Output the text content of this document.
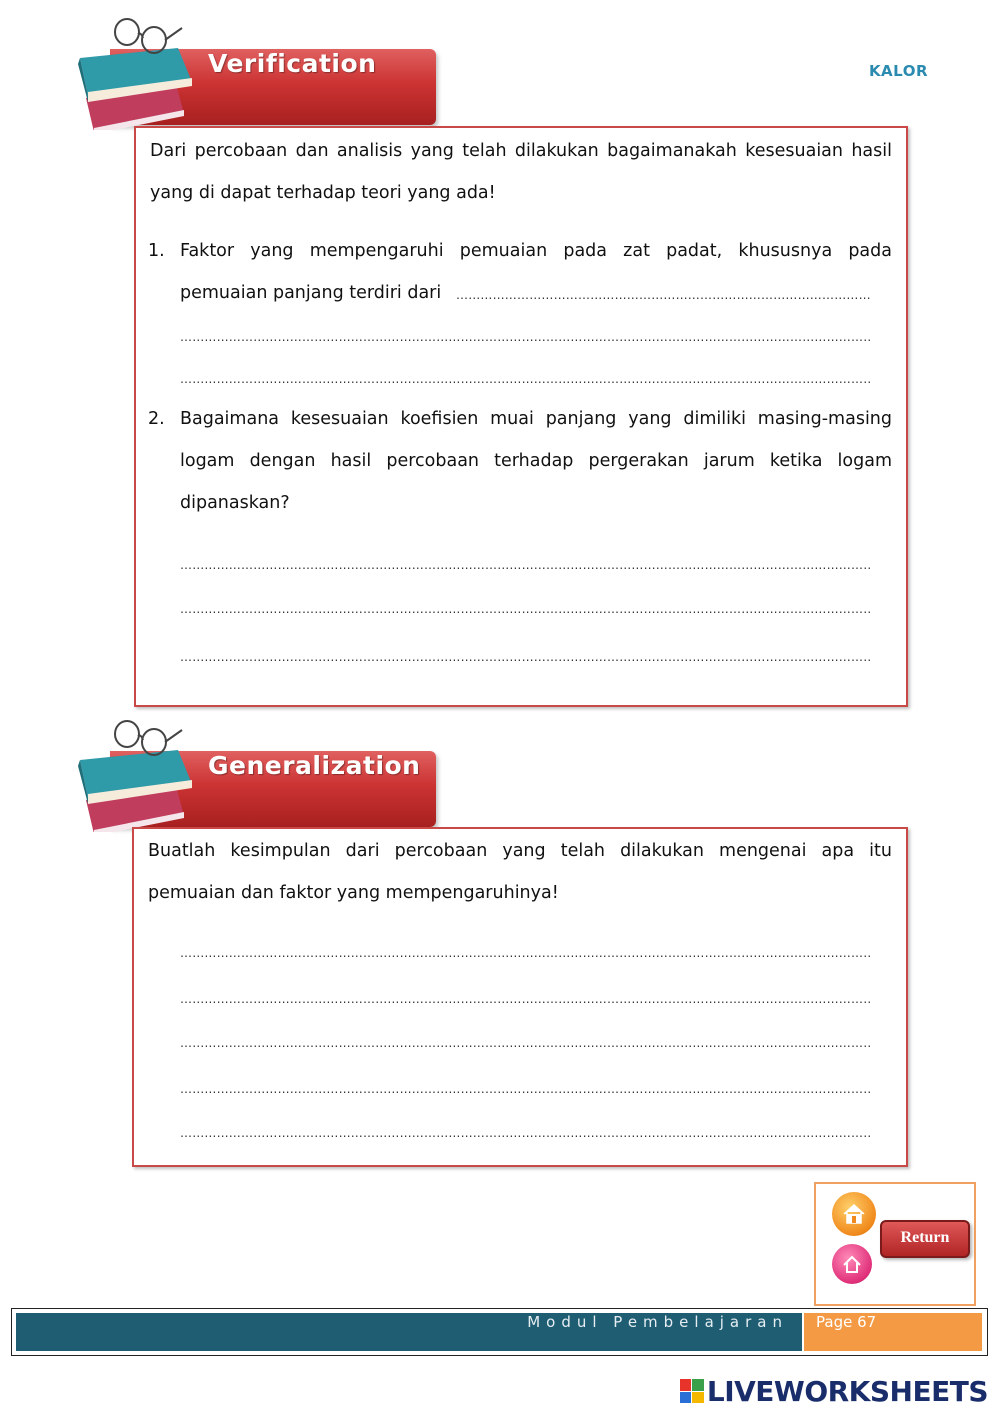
KALOR
Verification
Dari percobaan dan analisis yang telah dilakukan bagaimanakah kesesuaian hasil
yang di dapat terhadap teori yang ada!
1. Faktor yang mempengaruhi pemuaian pada zat padat, khususnya pada
pemuaian panjang terdiri dari
…………………………………………………………………………………………………………………………………………………………………
…………………………………………………………………………………………………………………………………………………………………
…………………………………………………………………………………………………………………………………………………………………
2. Bagaimana kesesuaian koefisien muai panjang yang dimiliki masing-masing
logam dengan hasil percobaan terhadap pergerakan jarum ketika logam
dipanaskan?
…………………………………………………………………………………………………………………………………………………………………
…………………………………………………………………………………………………………………………………………………………………
…………………………………………………………………………………………………………………………………………………………………
Generalization
Buatlah kesimpulan dari percobaan yang telah dilakukan mengenai apa itu
pemuaian dan faktor yang mempengaruhinya!
…………………………………………………………………………………………………………………………………………………………………
…………………………………………………………………………………………………………………………………………………………………
…………………………………………………………………………………………………………………………………………………………………
…………………………………………………………………………………………………………………………………………………………………
…………………………………………………………………………………………………………………………………………………………………
Return
Modul Pembelajaran Page 67
LIVEWORKSHEETS
